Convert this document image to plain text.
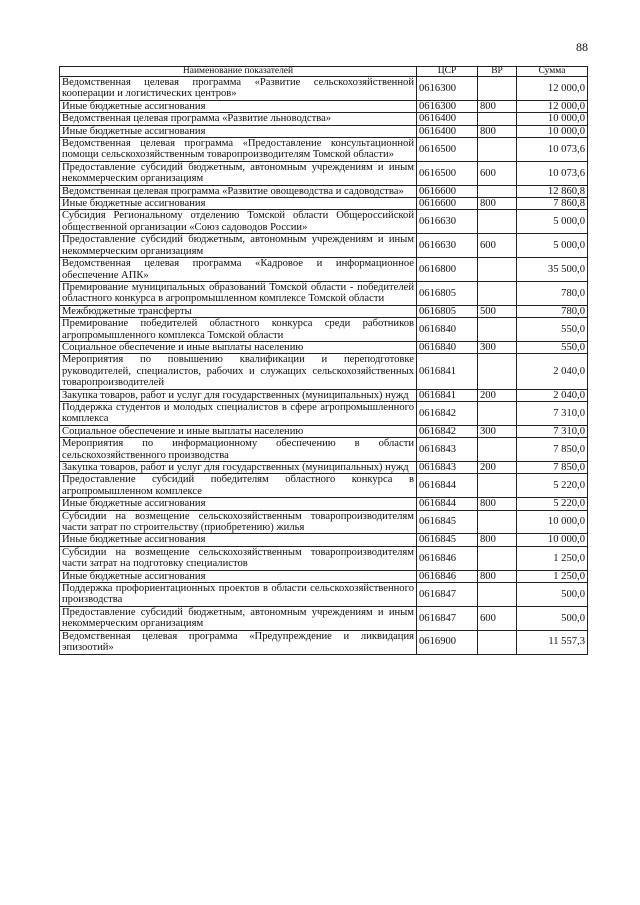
88
Наименование показателей	ЦСР	ВР	Сумма
Ведомственная целевая программа «Развитие сельскохозяйственной кооперации и логистических центров»	0616300		12 000,0
Иные бюджетные ассигнования	0616300	800	12 000,0
Ведомственная целевая программа «Развитие льноводства»	0616400		10 000,0
Иные бюджетные ассигнования	0616400	800	10 000,0
Ведомственная целевая программа «Предоставление консультационной помощи сельскохозяйственным товаропроизводителям Томской области»	0616500		10 073,6
Предоставление субсидий бюджетным, автономным учреждениям и иным некоммерческим организациям	0616500	600	10 073,6
Ведомственная целевая программа «Развитие овощеводства и садоводства»	0616600		12 860,8
Иные бюджетные ассигнования	0616600	800	7 860,8
Субсидия Региональному отделению Томской области Общероссийской общественной организации «Союз садоводов России»	0616630		5 000,0
Предоставление субсидий бюджетным, автономным учреждениям и иным некоммерческим организациям	0616630	600	5 000,0
Ведомственная целевая программа «Кадровое и информационное обеспечение АПК»	0616800		35 500,0
Премирование муниципальных образований Томской области - победителей областного конкурса в агропромышленном комплексе Томской области	0616805		780,0
Межбюджетные трансферты	0616805	500	780,0
Премирование победителей областного конкурса среди работников агропромышленного комплекса Томской области	0616840		550,0
Социальное обеспечение и иные выплаты населению	0616840	300	550,0
Мероприятия по повышению квалификации и переподготовке руководителей, специалистов, рабочих и служащих сельскохозяйственных товаропроизводителей	0616841		2 040,0
Закупка товаров, работ и услуг для государственных (муниципальных) нужд	0616841	200	2 040,0
Поддержка студентов и молодых специалистов в сфере агропромышленного комплекса	0616842		7 310,0
Социальное обеспечение и иные выплаты населению	0616842	300	7 310,0
Мероприятия по информационному обеспечению в области сельскохозяйственного производства	0616843		7 850,0
Закупка товаров, работ и услуг для государственных (муниципальных) нужд	0616843	200	7 850,0
Предоставление субсидий победителям областного конкурса в агропромышленном комплексе	0616844		5 220,0
Иные бюджетные ассигнования	0616844	800	5 220,0
Субсидии на возмещение сельскохозяйственным товаропроизводителям части затрат по строительству (приобретению) жилья	0616845		10 000,0
Иные бюджетные ассигнования	0616845	800	10 000,0
Субсидии на возмещение сельскохозяйственным товаропроизводителям части затрат на подготовку специалистов	0616846		1 250,0
Иные бюджетные ассигнования	0616846	800	1 250,0
Поддержка профориентационных проектов в области сельскохозяйственного производства	0616847		500,0
Предоставление субсидий бюджетным, автономным учреждениям и иным некоммерческим организациям	0616847	600	500,0
Ведомственная целевая программа «Предупреждение и ликвидация эпизоотий»	0616900		11 557,3
